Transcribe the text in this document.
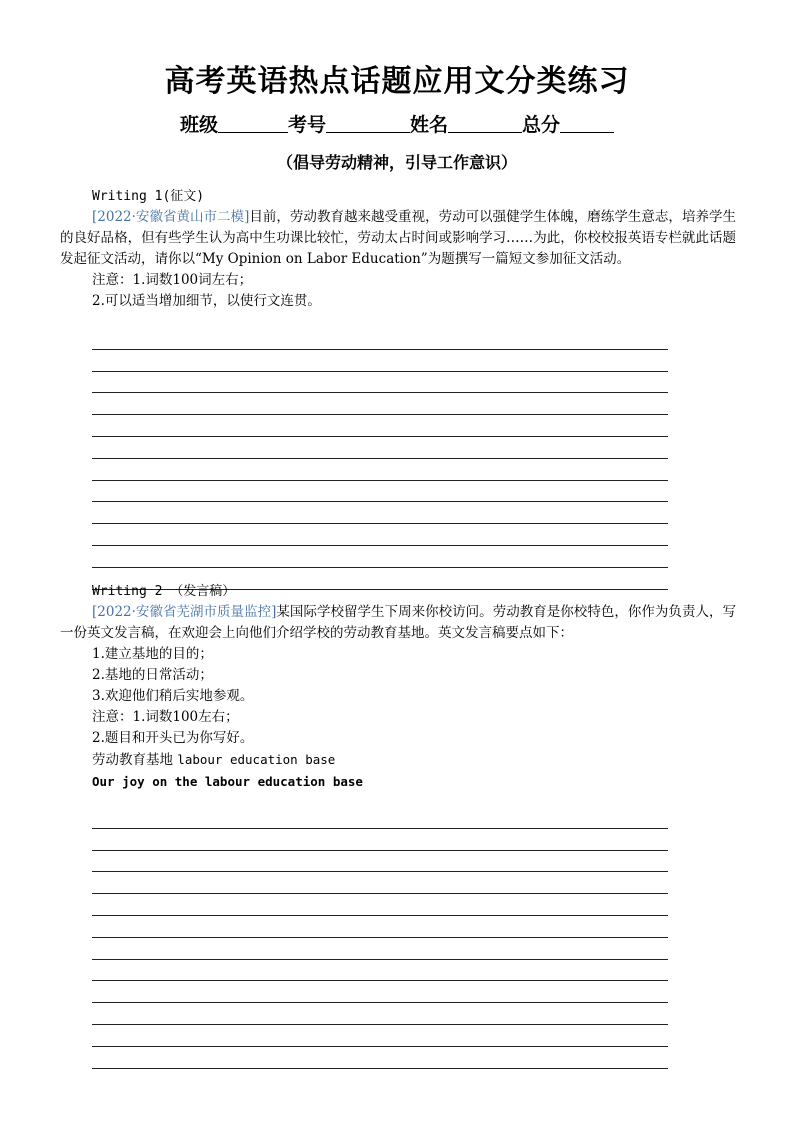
高考英语热点话题应用文分类练习
班级	考号	姓名	总分
（倡导劳动精神，引导工作意识）
Writing 1(征文)
[2022·安徽省黄山市二模]目前，劳动教育越来越受重视，劳动可以强健学生体魄，磨练学生意志，培养学生的良好品格，但有些学生认为高中生功课比较忙，劳动太占时间或影响学习……为此，你校校报英语专栏就此话题发起征文活动，请你以“My Opinion on Labor Education”为题撰写一篇短文参加征文活动。
注意：1.词数100词左右；
2.可以适当增加细节，以使行文连贯。
Writing 2 （发言稿）
[2022·安徽省芜湖市质量监控]某国际学校留学生下周来你校访问。劳动教育是你校特色，你作为负责人，写一份英文发言稿，在欢迎会上向他们介绍学校的劳动教育基地。英文发言稿要点如下：
1.建立基地的目的；
2.基地的日常活动；
3.欢迎他们稍后实地参观。
注意：1.词数100左右；
2.题目和开头已为你写好。
劳动教育基地 labour education base
Our joy on the labour education base
